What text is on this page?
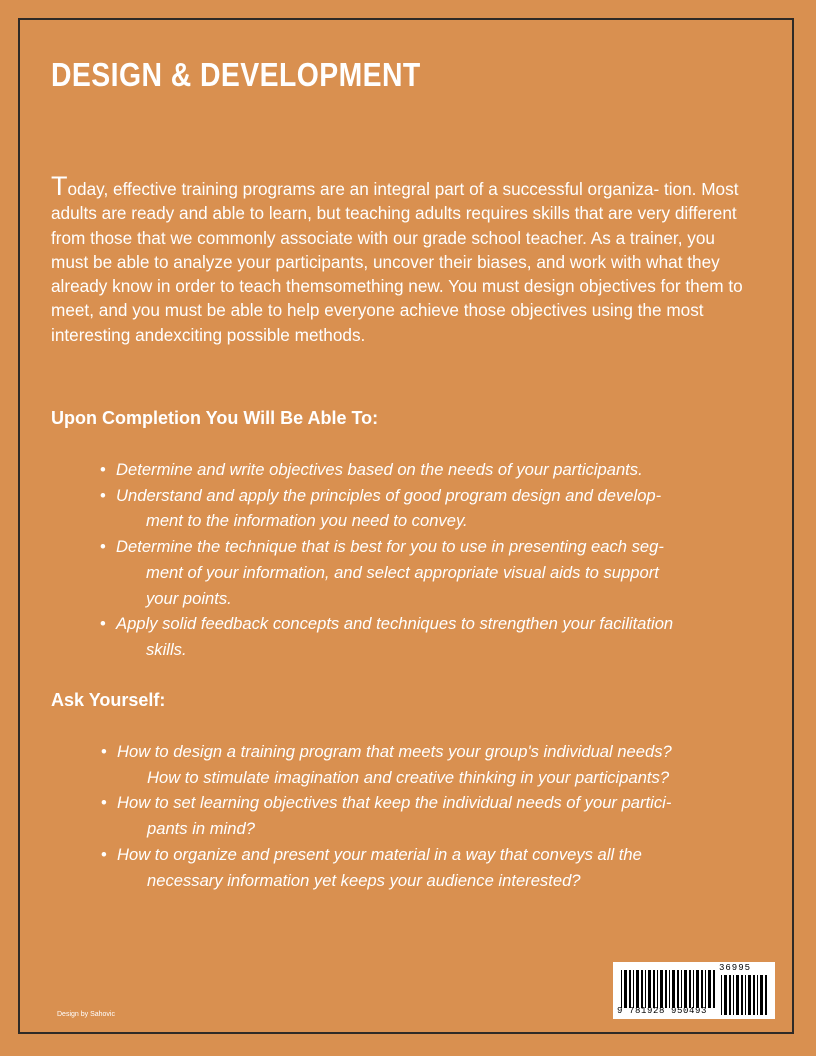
DESIGN & DEVELOPMENT

Today, effective training programs are an integral part of a successful organiza- tion. Most adults are ready and able to learn, but teaching adults requires skills that are very different from those that we commonly associate with our grade school teacher. As a trainer, you must be able to analyze your participants, uncover their biases, and work with what they already know in order to teach themsomething new. You must design objectives for them to meet, and you must be able to help everyone achieve those objectives using the most interesting andexciting possible methods.

Upon Completion You Will Be Able To:
• Determine and write objectives based on the needs of your participants.
• Understand and apply the principles of good program design and develop-
ment to the information you need to convey.
• Determine the technique that is best for you to use in presenting each seg-
ment of your information, and select appropriate visual aids to support
your points.
• Apply solid feedback concepts and techniques to strengthen your facilitation
skills.
Ask Yourself:
• How to design a training program that meets your group's individual needs?
How to stimulate imagination and creative thinking in your participants?
• How to set learning objectives that keep the individual needs of your partici-
pants in mind?
• How to organize and present your material in a way that conveys all the
necessary information yet keeps your audience interested?
Design by Sahovic
36995
9 781928 950493
